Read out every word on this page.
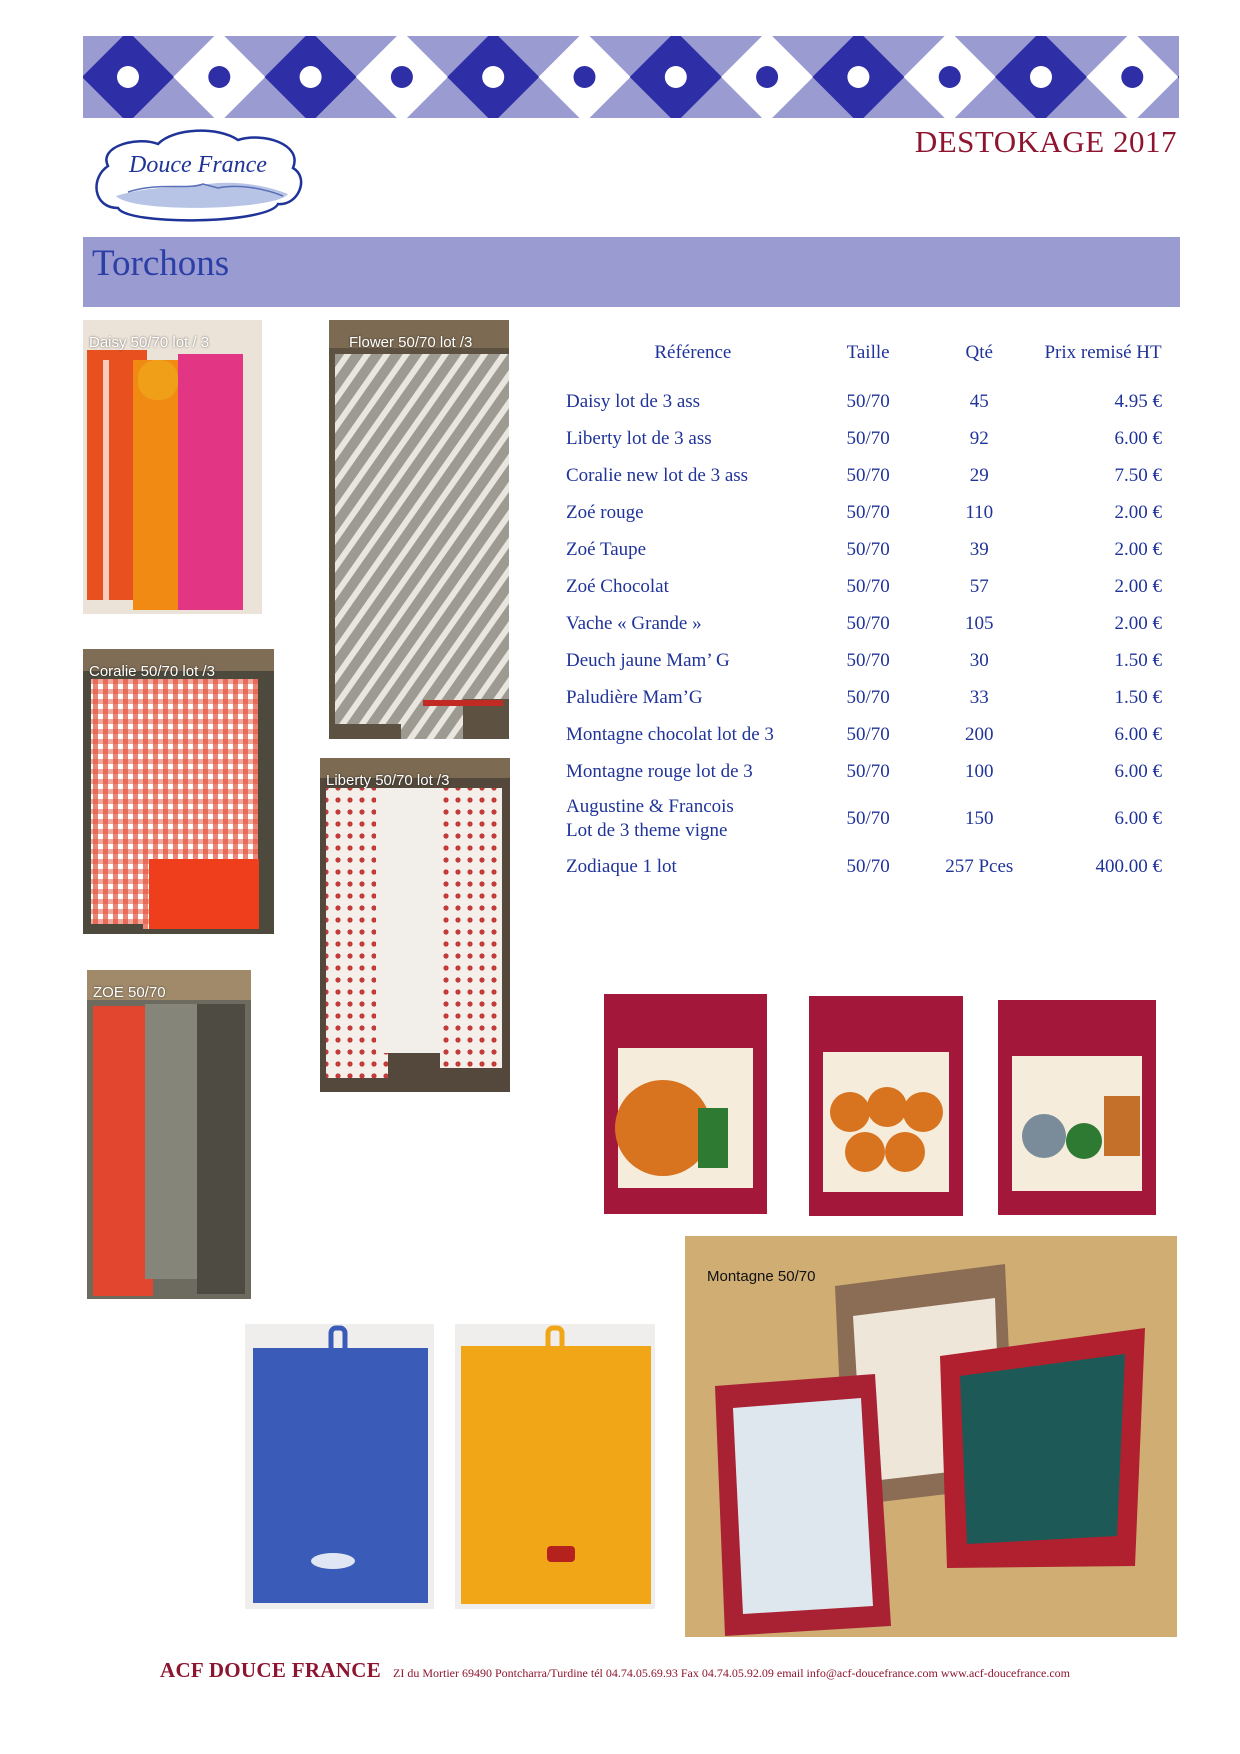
Douce France
DESTOKAGE 2017
Torchons
Daisy 50/70 lot / 3	Flower 50/70 lot /3
Coralie 50/70 lot /3
Liberty 50/70 lot /3
ZOE 50/70
Montagne 50/70
Référence	Taille	Qté	Prix remisé HT
Daisy lot de 3 ass	50/70	45	4.95 €
Liberty lot de 3 ass	50/70	92	6.00 €
Coralie new lot de 3 ass	50/70	29	7.50 €
Zoé rouge	50/70	110	2.00 €
Zoé Taupe	50/70	39	2.00 €
Zoé Chocolat	50/70	57	2.00 €
Vache « Grande »	50/70	105	2.00 €
Deuch jaune Mam’ G	50/70	30	1.50 €
Paludière Mam’G	50/70	33	1.50 €
Montagne chocolat lot de 3	50/70	200	6.00 €
Montagne rouge lot de 3	50/70	100	6.00 €

Augustine & Francois
Lot de 3 theme vigne	50/70	150	6.00 €
Zodiaque 1 lot	50/70	257 Pces	400.00 €
ACF DOUCE FRANCE ZI du Mortier 69490 Pontcharra/Turdine tél 04.74.05.69.93 Fax 04.74.05.92.09 email info@acf-doucefrance.com www.acf-doucefrance.com
